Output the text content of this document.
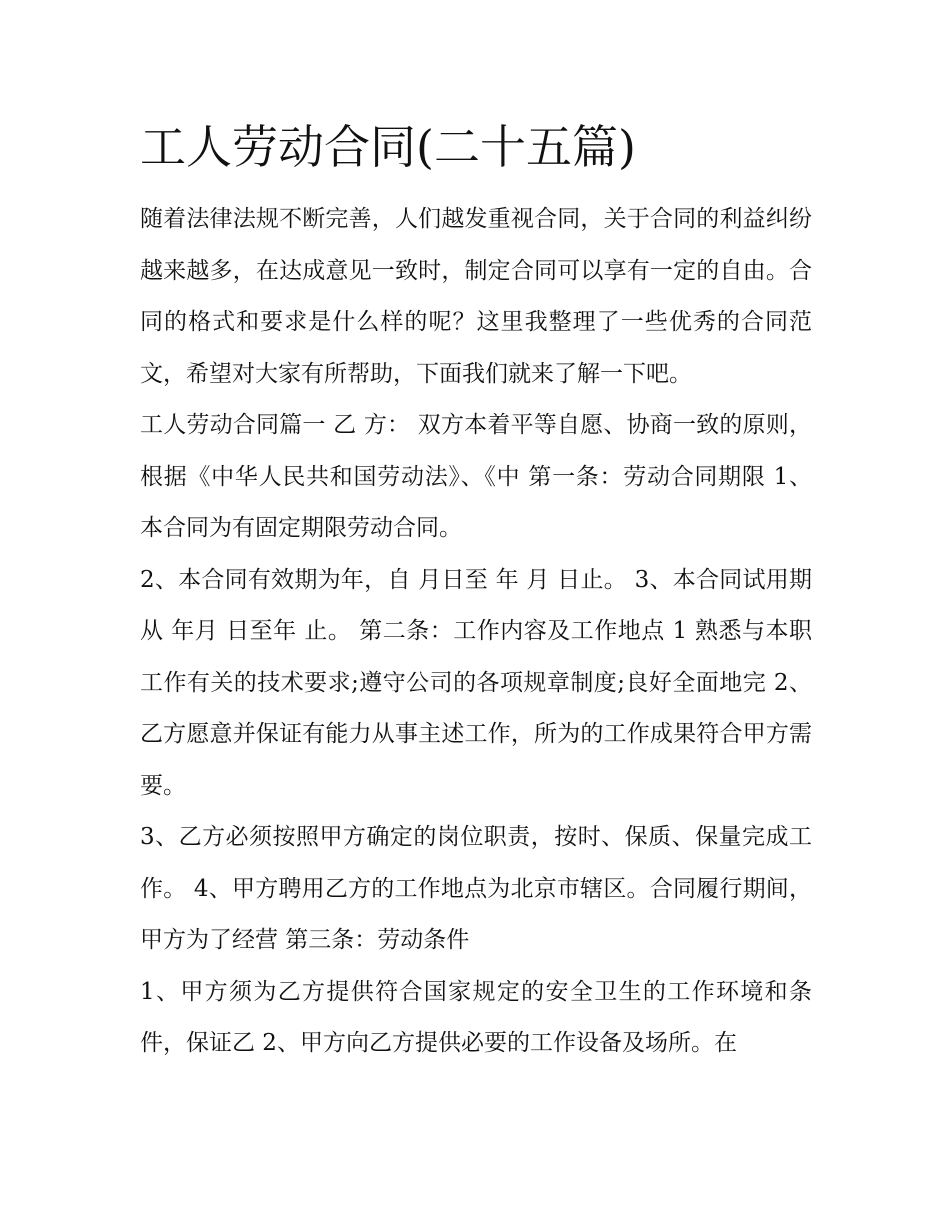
工人劳动合同(二十五篇)

随着法律法规不断完善，人们越发重视合同，关于合同的利益纠纷越来越多，在达成意见一致时，制定合同可以享有一定的自由。合同的格式和要求是什么样的呢？这里我整理了一些优秀的合同范文，希望对大家有所帮助，下面我们就来了解一下吧。

工人劳动合同篇一 乙 方： 双方本着平等自愿、协商一致的原则，根据《中华人民共和国劳动法》、《中 第一条：劳动合同期限 1、本合同为有固定期限劳动合同。

2、本合同有效期为年，自 月日至 年 月 日止。 3、本合同试用期从 年月 日至年 止。 第二条：工作内容及工作地点 1 熟悉与本职工作有关的技术要求;遵守公司的各项规章制度;良好全面地完 2、乙方愿意并保证有能力从事主述工作，所为的工作成果符合甲方需要。

3、乙方必须按照甲方确定的岗位职责，按时、保质、保量完成工作。 4、甲方聘用乙方的工作地点为北京市辖区。合同履行期间，甲方为了经营 第三条：劳动条件

1、甲方须为乙方提供符合国家规定的安全卫生的工作环境和条件，保证乙 2、甲方向乙方提供必要的工作设备及场所。在
